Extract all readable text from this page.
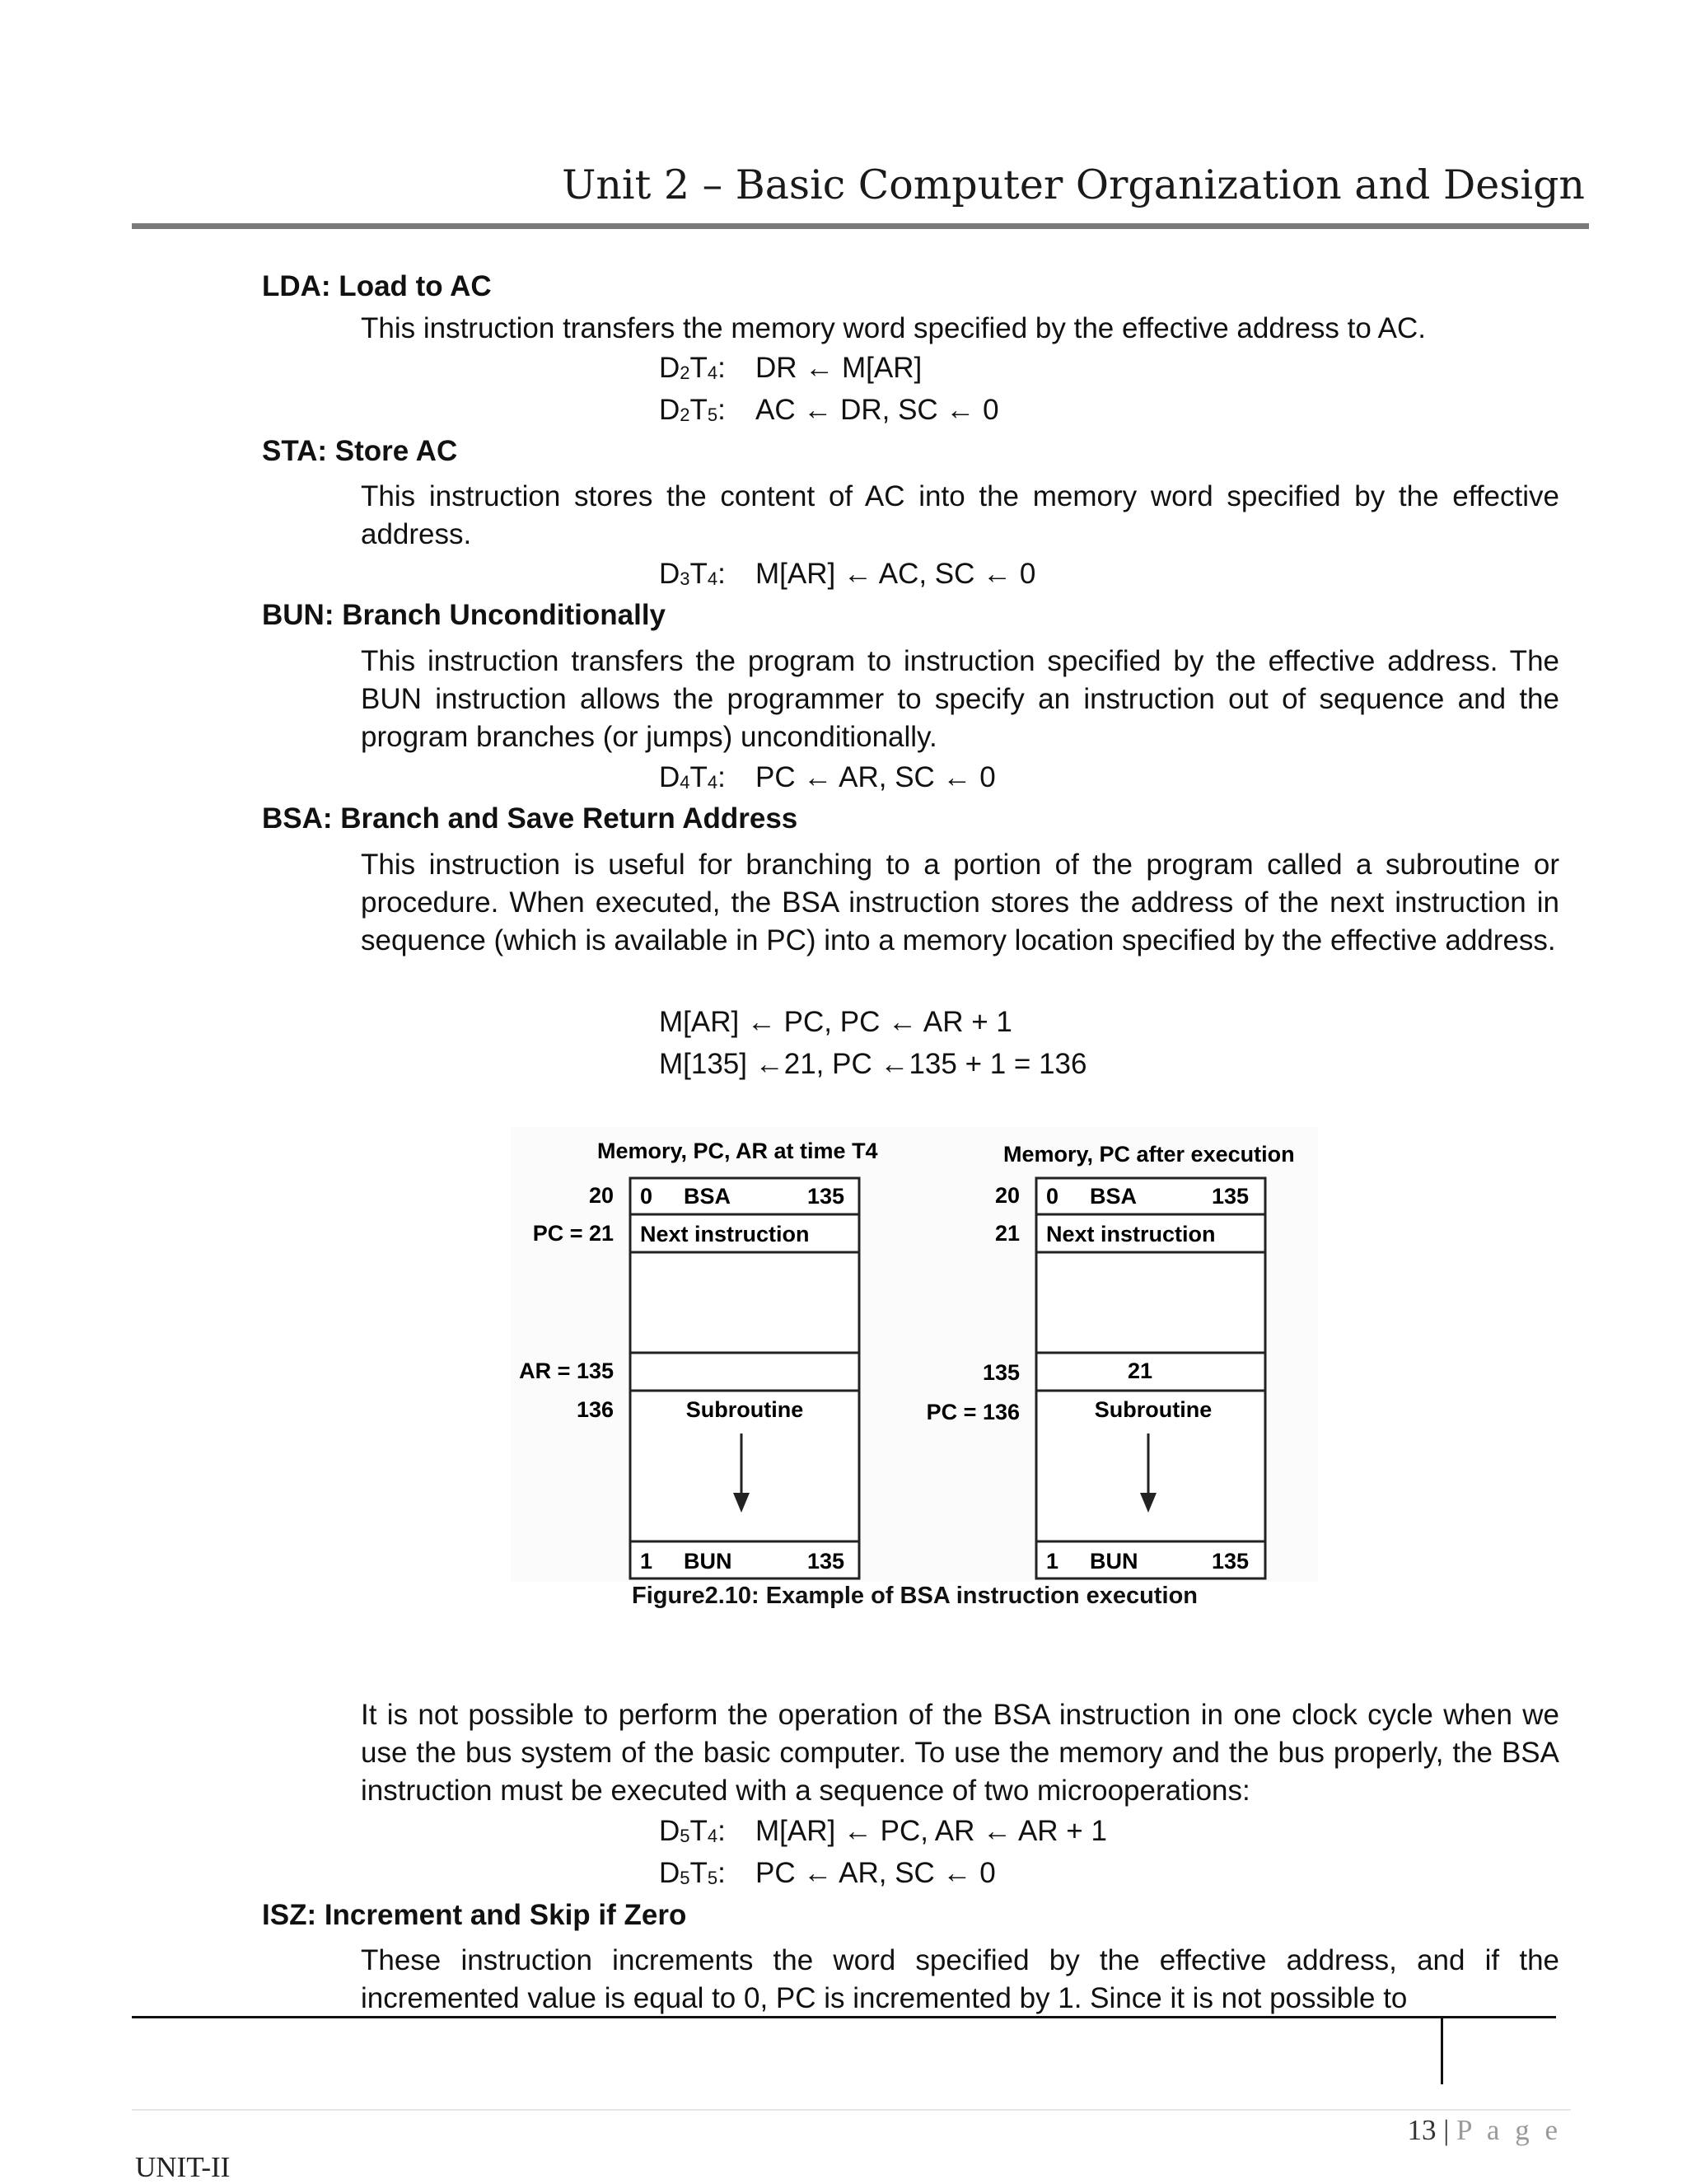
Unit 2 – Basic Computer Organization and Design
LDA: Load to AC
This instruction transfers the memory word specified by the effective address to AC.
$D_2T_4$: DR ← M[AR]
$D_2T_5$: AC ← DR, SC ← 0
STA: Store AC
This instruction stores the content of AC into the memory word specified by the effective address.
$D_3T_4$: M[AR] ← AC, SC ← 0
BUN: Branch Unconditionally
This instruction transfers the program to instruction specified by the effective address. The BUN instruction allows the programmer to specify an instruction out of sequence and the program branches (or jumps) unconditionally.
$D_4T_4$: PC ← AR, SC ← 0
BSA: Branch and Save Return Address
This instruction is useful for branching to a portion of the program called a subroutine or procedure. When executed, the BSA instruction stores the address of the next instruction in sequence (which is available in PC) into a memory location specified by the effective address.
M[AR] ← PC, PC ← AR + 1
M[135] ←21, PC ←135 + 1 = 136
Memory, PC, AR at time T4
20
PC = 21
AR = 135
136
0 BSA	135
Next instruction
Subroutine
1 BUN	135
Memory, PC after execution
20
21
135
PC = 136
0 BSA	135
Next instruction
21
Subroutine
1 BUN	135
Figure2.10: Example of BSA instruction execution
It is not possible to perform the operation of the BSA instruction in one clock cycle when we use the bus system of the basic computer. To use the memory and the bus properly, the BSA instruction must be executed with a sequence of two microoperations:
$D_5T_4$: M[AR] ← PC, AR ← AR + 1
$D_5T_5$: PC ← AR, SC ← 0
ISZ: Increment and Skip if Zero
These instruction increments the word specified by the effective address, and if the incremented value is equal to 0, PC is incremented by 1. Since it is not possible to
13 | P a g e
UNIT-II
